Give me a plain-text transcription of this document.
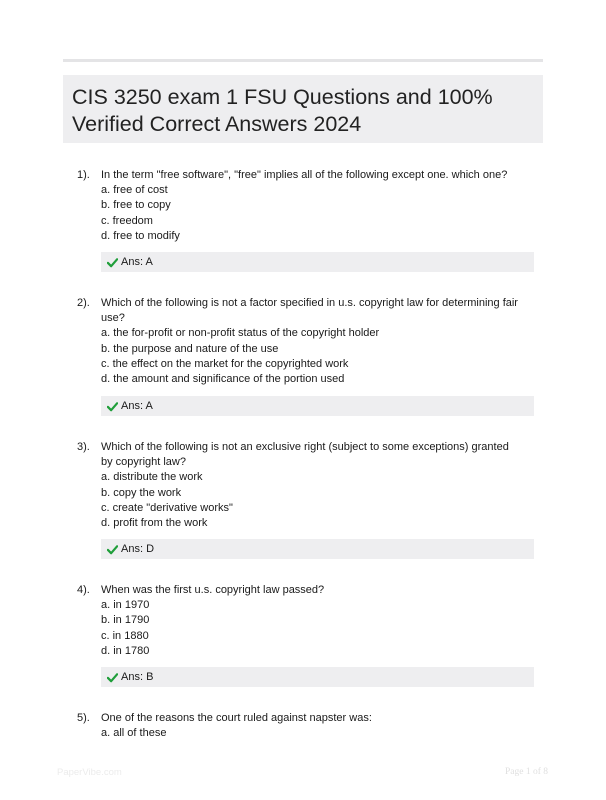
CIS 3250 exam 1 FSU Questions and 100% Verified Correct Answers 2024
1). In the term "free software", "free" implies all of the following except one. which one?
a. free of cost
b. free to copy
c. freedom
d. free to modify
Ans: A
2). Which of the following is not a factor specified in u.s. copyright law for determining fair use?
a. the for-profit or non-profit status of the copyright holder
b. the purpose and nature of the use
c. the effect on the market for the copyrighted work
d. the amount and significance of the portion used
Ans: A
3). Which of the following is not an exclusive right (subject to some exceptions) granted by copyright law?
a. distribute the work
b. copy the work
c. create "derivative works"
d. profit from the work
Ans: D
4). When was the first u.s. copyright law passed?
a. in 1970
b. in 1790
c. in 1880
d. in 1780
Ans: B
5). One of the reasons the court ruled against napster was:
a. all of these
PaperVibe.com	Page 1 of 8
